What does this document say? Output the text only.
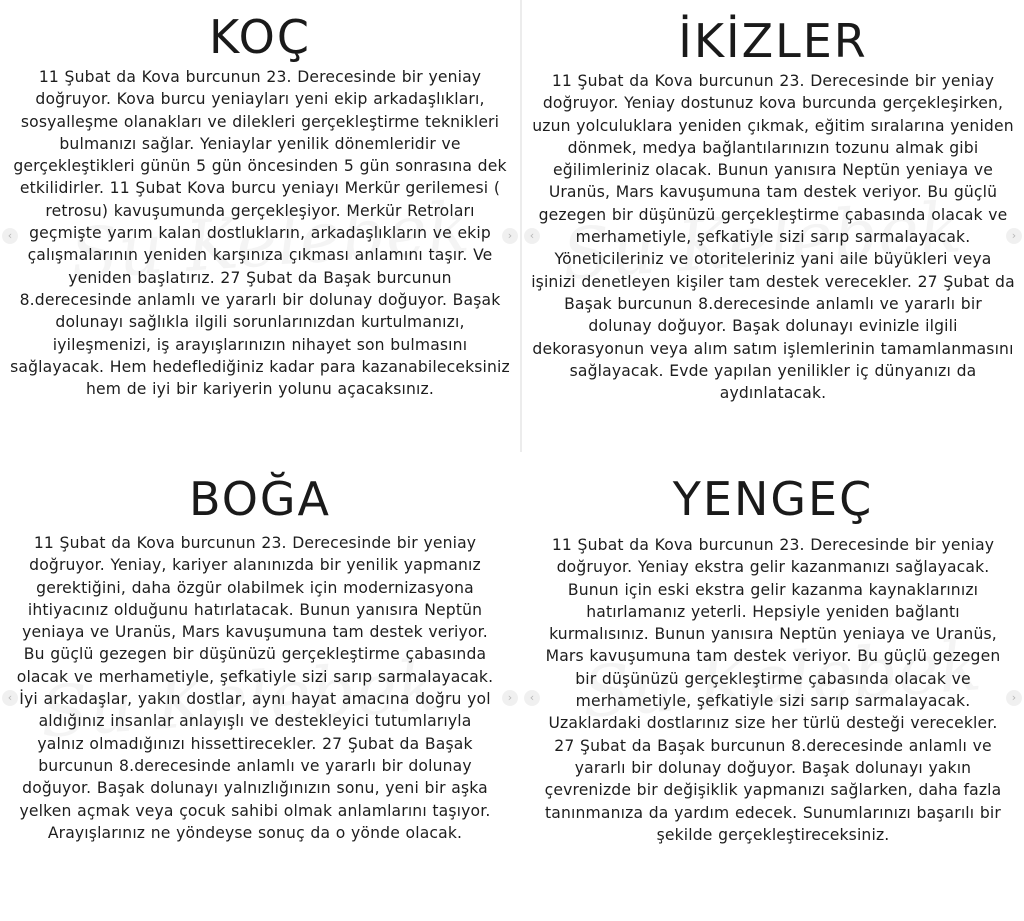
‹	›
KOÇ

11 Şubat da Kova burcunun 23. Derecesinde bir yeniay doğruyor. Kova burcu yeniayları yeni ekip arkadaşlıkları, sosyalleşme olanakları ve dilekleri gerçekleştirme teknikleri bulmanızı sağlar. Yeniaylar yenilik dönemleridir ve gerçekleştikleri günün 5 gün öncesinden 5 gün sonrasına dek etkilidirler. 11 Şubat Kova burcu yeniayı Merkür gerilemesi ( retrosu) kavuşumunda gerçekleşiyor. Merkür Retroları geçmişte yarım kalan dostlukların, arkadaşlıkların ve ekip çalışmalarının yeniden karşınıza çıkması anlamını taşır. Ve yeniden başlatırız. 27 Şubat da Başak burcunun 8.derecesinde anlamlı ve yararlı bir dolunay doğuyor. Başak dolunayı sağlıkla ilgili sorunlarınızdan kurtulmanızı, iyileşmenizi, iş arayışlarınızın nihayet son bulmasını sağlayacak. Hem hedeflediğiniz kadar para kazanabileceksiniz hem de iyi bir kariyerin yolunu açacaksınız.

‹	›
İKİZLER

11 Şubat da Kova burcunun 23. Derecesinde bir yeniay doğruyor. Yeniay dostunuz kova burcunda gerçekleşirken, uzun yolculuklara yeniden çıkmak, eğitim sıralarına yeniden dönmek, medya bağlantılarınızın tozunu almak gibi eğilimleriniz olacak. Bunun yanısıra Neptün yeniaya ve Uranüs, Mars kavuşumuna tam destek veriyor. Bu güçlü gezegen bir düşünüzü gerçekleştirme çabasında olacak ve merhametiyle, şefkatiyle sizi sarıp sarmalayacak. Yöneticileriniz ve otoriteleriniz yani aile büyükleri veya işinizi denetleyen kişiler tam destek verecekler. 27 Şubat da Başak burcunun 8.derecesinde anlamlı ve yararlı bir dolunay doğuyor. Başak dolunayı evinizle ilgili dekorasyonun veya alım satım işlemlerinin tamamlanmasını sağlayacak. Evde yapılan yenilikler iç dünyanızı da aydınlatacak.

‹	›
BOĞA

11 Şubat da Kova burcunun 23. Derecesinde bir yeniay doğruyor. Yeniay, kariyer alanınızda bir yenilik yapmanız gerektiğini, daha özgür olabilmek için modernizasyona ihtiyacınız olduğunu hatırlatacak. Bunun yanısıra Neptün yeniaya ve Uranüs, Mars kavuşumuna tam destek veriyor. Bu güçlü gezegen bir düşünüzü gerçekleştirme çabasında olacak ve merhametiyle, şefkatiyle sizi sarıp sarmalayacak. İyi arkadaşlar, yakın dostlar, aynı hayat amacına doğru yol aldığınız insanlar anlayışlı ve destekleyici tutumlarıyla yalnız olmadığınızı hissettirecekler. 27 Şubat da Başak burcunun 8.derecesinde anlamlı ve yararlı bir dolunay doğuyor. Başak dolunayı yalnızlığınızın sonu, yeni bir aşka yelken açmak veya çocuk sahibi olmak anlamlarını taşıyor. Arayışlarınız ne yöndeyse sonuç da o yönde olacak.

‹	›
YENGEÇ

11 Şubat da Kova burcunun 23. Derecesinde bir yeniay doğruyor. Yeniay ekstra gelir kazanmanızı sağlayacak. Bunun için eski ekstra gelir kazanma kaynaklarınızı hatırlamanız yeterli. Hepsiyle yeniden bağlantı kurmalısınız. Bunun yanısıra Neptün yeniaya ve Uranüs, Mars kavuşumuna tam destek veriyor. Bu güçlü gezegen bir düşünüzü gerçekleştirme çabasında olacak ve merhametiyle, şefkatiyle sizi sarıp sarmalayacak. Uzaklardaki dostlarınız size her türlü desteği verecekler. 27 Şubat da Başak burcunun 8.derecesinde anlamlı ve yararlı bir dolunay doğuyor. Başak dolunayı yakın çevrenizde bir değişiklik yapmanızı sağlarken, daha fazla tanınmanıza da yardım edecek. Sunumlarınızı başarılı bir şekilde gerçekleştireceksiniz.
